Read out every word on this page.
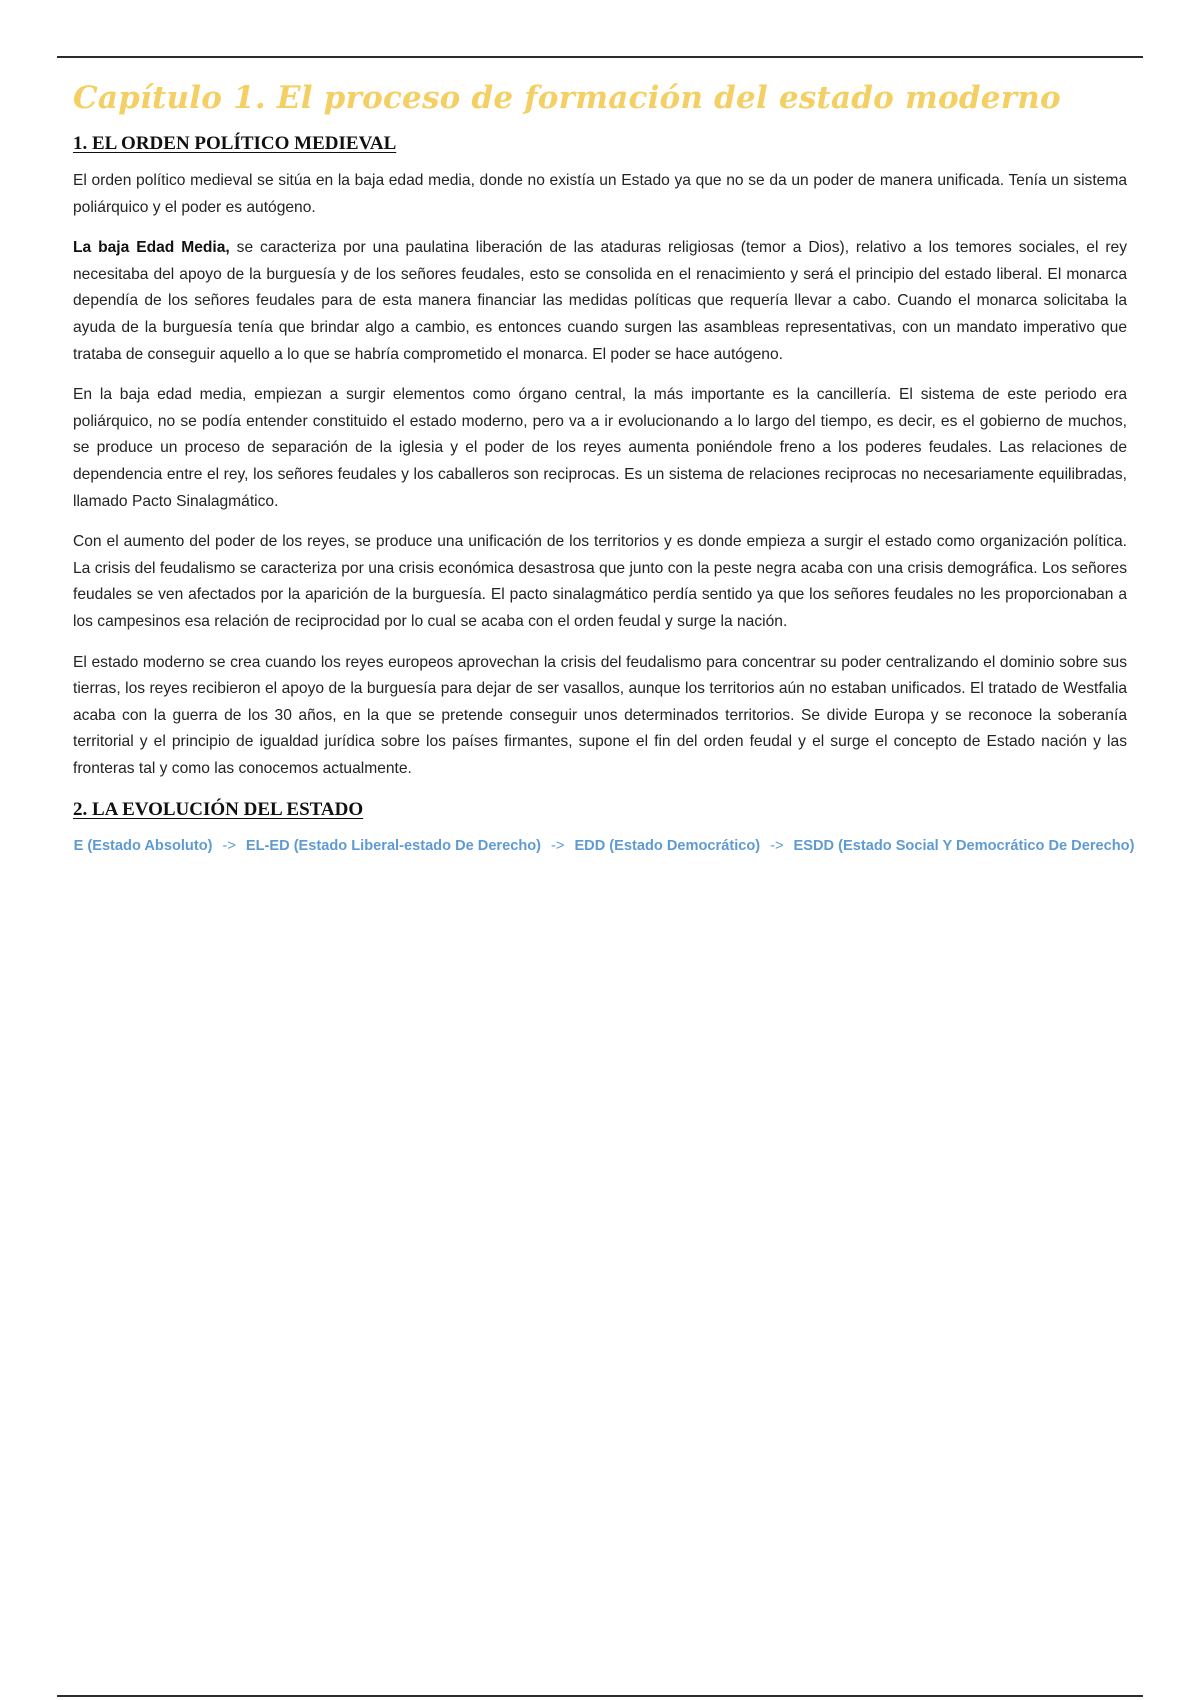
Capítulo 1. El proceso de formación del estado moderno
1. EL ORDEN POLÍTICO MEDIEVAL

El orden político medieval se sitúa en la baja edad media, donde no existía un Estado ya que no se da un poder de manera unificada. Tenía un sistema poliárquico y el poder es autógeno.

La baja Edad Media, se caracteriza por una paulatina liberación de las ataduras religiosas (temor a Dios), relativo a los temores sociales, el rey necesitaba del apoyo de la burguesía y de los señores feudales, esto se consolida en el renacimiento y será el principio del estado liberal. El monarca dependía de los señores feudales para de esta manera financiar las medidas políticas que requería llevar a cabo. Cuando el monarca solicitaba la ayuda de la burguesía tenía que brindar algo a cambio, es entonces cuando surgen las asambleas representativas, con un mandato imperativo que trataba de conseguir aquello a lo que se habría comprometido el monarca. El poder se hace autógeno.

En la baja edad media, empiezan a surgir elementos como órgano central, la más importante es la cancillería. El sistema de este periodo era poliárquico, no se podía entender constituido el estado moderno, pero va a ir evolucionando a lo largo del tiempo, es decir, es el gobierno de muchos, se produce un proceso de separación de la iglesia y el poder de los reyes aumenta poniéndole freno a los poderes feudales. Las relaciones de dependencia entre el rey, los señores feudales y los caballeros son reciprocas. Es un sistema de relaciones reciprocas no necesariamente equilibradas, llamado Pacto Sinalagmático.

Con el aumento del poder de los reyes, se produce una unificación de los territorios y es donde empieza a surgir el estado como organización política. La crisis del feudalismo se caracteriza por una crisis económica desastrosa que junto con la peste negra acaba con una crisis demográfica. Los señores feudales se ven afectados por la aparición de la burguesía. El pacto sinalagmático perdía sentido ya que los señores feudales no les proporcionaban a los campesinos esa relación de reciprocidad por lo cual se acaba con el orden feudal y surge la nación.

El estado moderno se crea cuando los reyes europeos aprovechan la crisis del feudalismo para concentrar su poder centralizando el dominio sobre sus tierras, los reyes recibieron el apoyo de la burguesía para dejar de ser vasallos, aunque los territorios aún no estaban unificados. El tratado de Westfalia acaba con la guerra de los 30 años, en la que se pretende conseguir unos determinados territorios. Se divide Europa y se reconoce la soberanía territorial y el principio de igualdad jurídica sobre los países firmantes, supone el fin del orden feudal y el surge el concepto de Estado nación y las fronteras tal y como las conocemos actualmente.

2. LA EVOLUCIÓN DEL ESTADO
E (Estado Absoluto) -> EL-ED (Estado Liberal-estado De Derecho) -> EDD (Estado Democrático) -> ESDD (Estado Social Y Democrático De Derecho)
